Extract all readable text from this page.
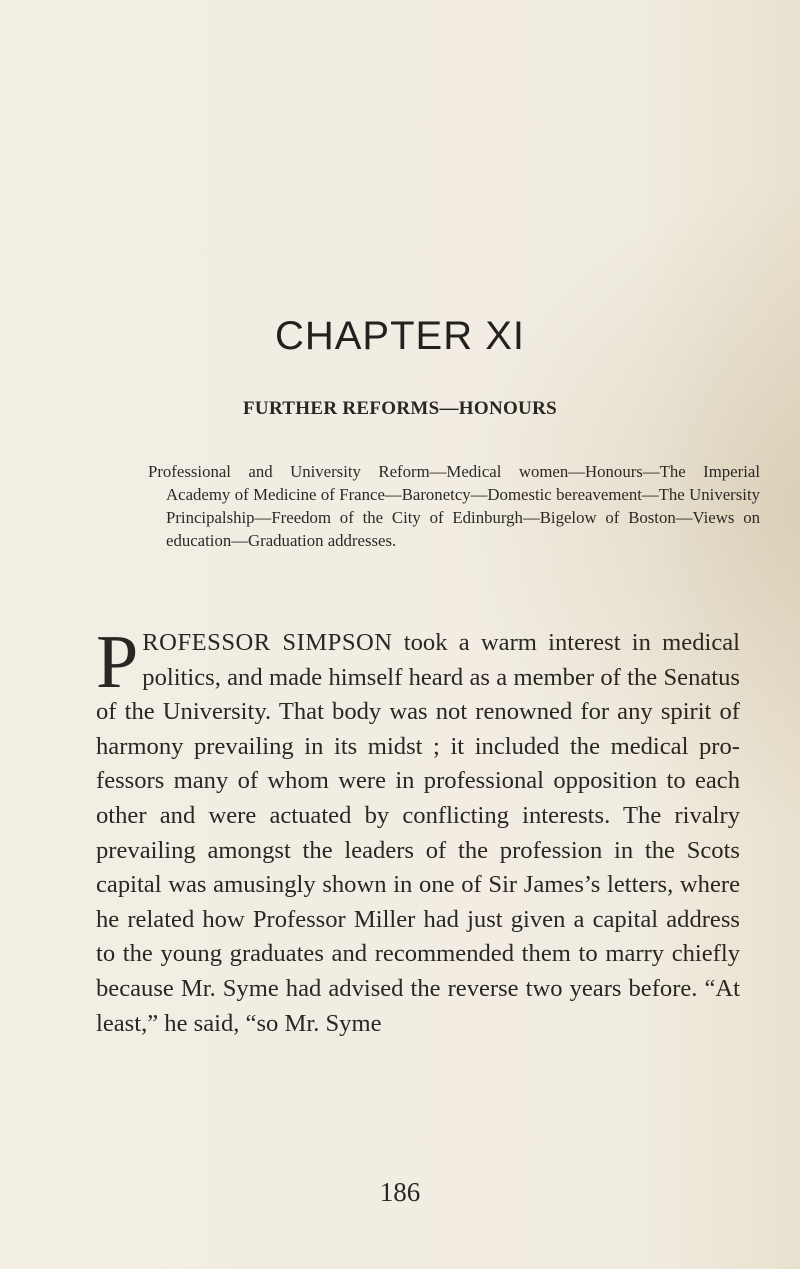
CHAPTER XI
FURTHER REFORMS—HONOURS

Professional and University Reform—Medical women—Honours—The Imperial Academy of Medicine of France—Baronetcy—Domestic bereavement—The University Principalship—Freedom of the City of Edinburgh—Bigelow of Boston—Views on education—Graduation addresses.

PROFESSOR SIMPSON took a warm interest in medical politics, and made himself heard as a member of the Senatus of the University. That body was not renowned for any spirit of harmony prevailing in its midst ; it included the medical professors many of whom were in professional opposition to each other and were actuated by conflicting interests. The rivalry prevailing amongst the leaders of the profession in the Scots capital was amusingly shown in one of Sir James’s letters, where he related how Professor Miller had just given a capital address to the young graduates and recommended them to marry chiefly because Mr. Syme had advised the reverse two years before. “At least,” he said, “so Mr. Syme

186
